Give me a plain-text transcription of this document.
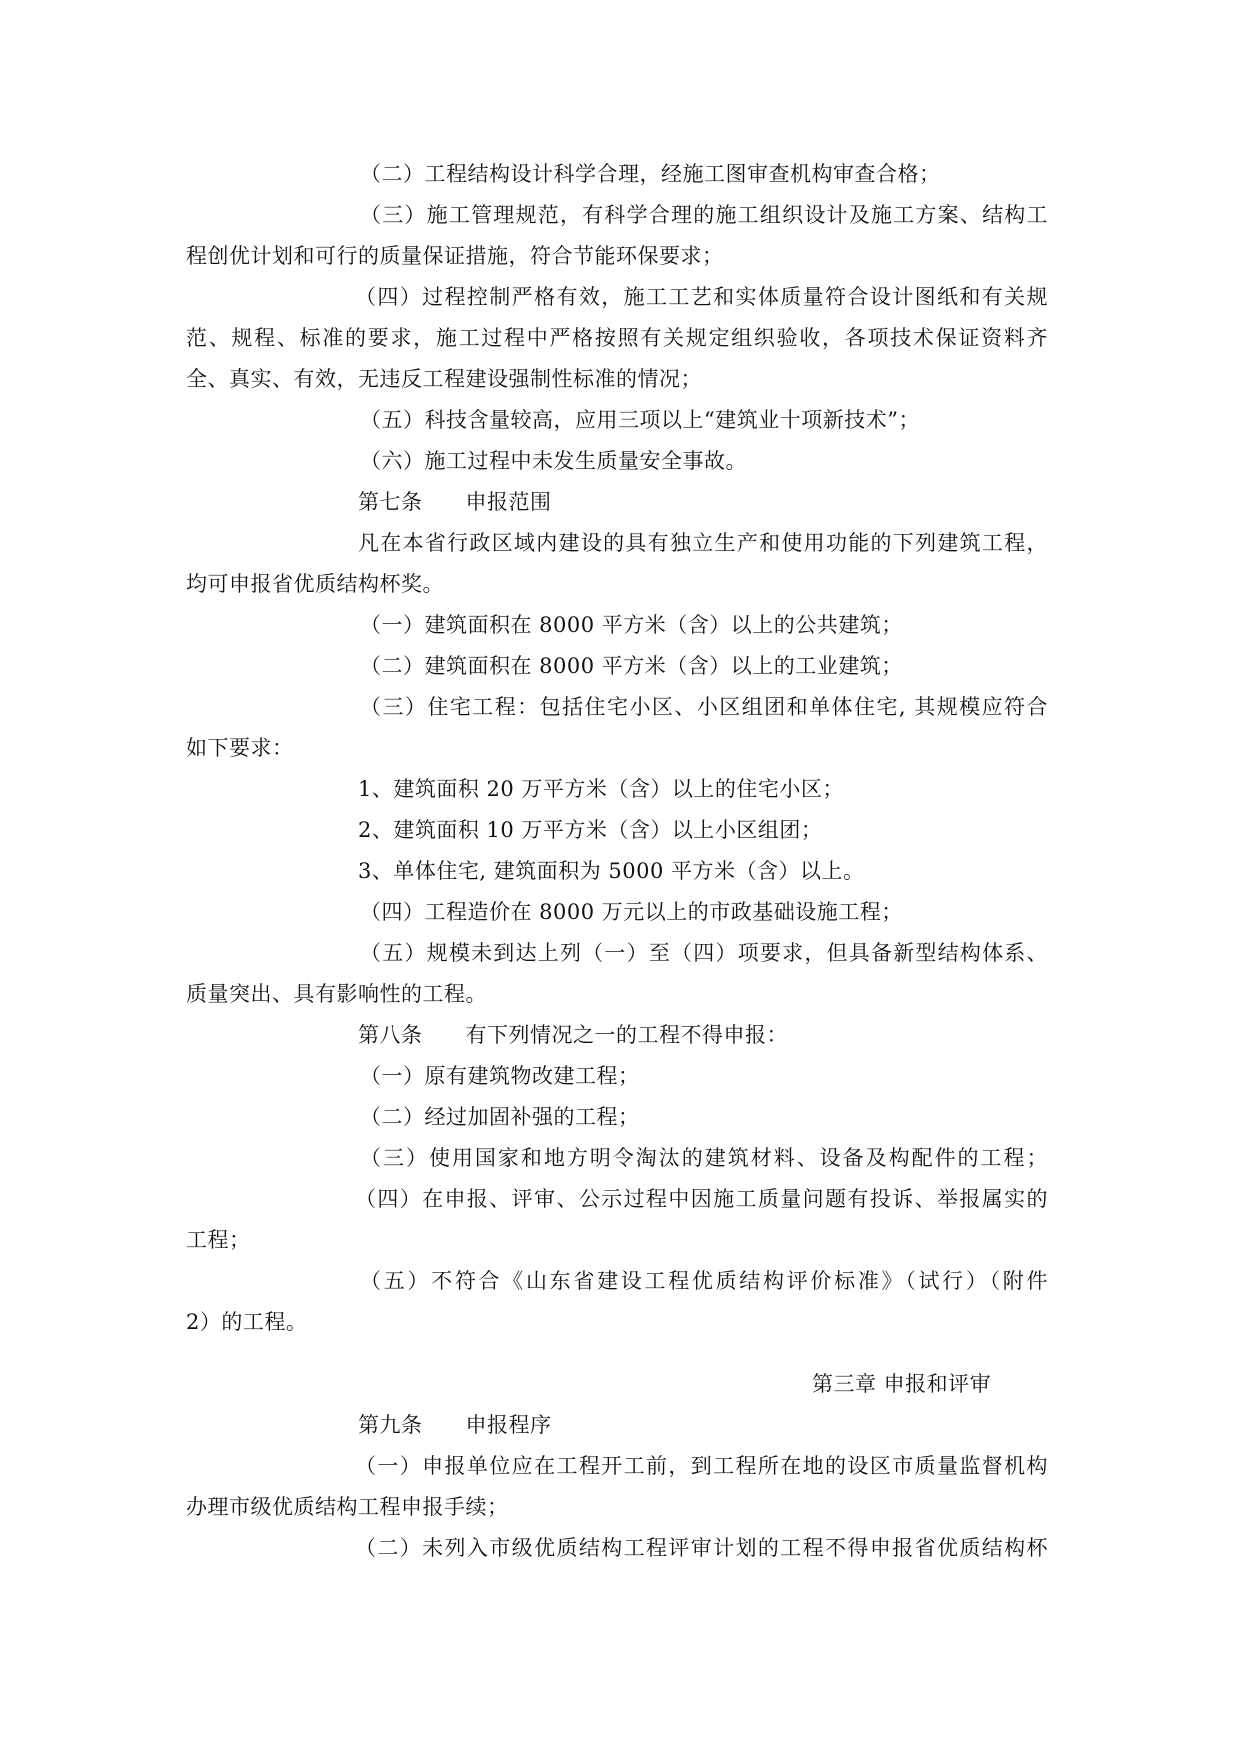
（二）工程结构设计科学合理，经施工图审查机构审查合格；
（三）施工管理规范，有科学合理的施工组织设计及施工方案、结构工
程创优计划和可行的质量保证措施，符合节能环保要求；
（四）过程控制严格有效，施工工艺和实体质量符合设计图纸和有关规
范、规程、标准的要求，施工过程中严格按照有关规定组织验收，各项技术保证资料齐
全、真实、有效，无违反工程建设强制性标准的情况；
（五）科技含量较高，应用三项以上“建筑业十项新技术”；
（六）施工过程中未发生质量安全事故。
第七条　　申报范围
凡在本省行政区域内建设的具有独立生产和使用功能的下列建筑工程，
均可申报省优质结构杯奖。
（一）建筑面积在 8000 平方米（含）以上的公共建筑；
（二）建筑面积在 8000 平方米（含）以上的工业建筑；
（三）住宅工程：包括住宅小区、小区组团和单体住宅, 其规模应符合
如下要求：
1、建筑面积 20 万平方米（含）以上的住宅小区；
2、建筑面积 10 万平方米（含）以上小区组团；
3、单体住宅, 建筑面积为 5000 平方米（含）以上。
（四）工程造价在 8000 万元以上的市政基础设施工程；
（五）规模未到达上列（一）至（四）项要求，但具备新型结构体系、
质量突出、具有影响性的工程。
第八条　　有下列情况之一的工程不得申报：
（一）原有建筑物改建工程；
（二）经过加固补强的工程；
（三）使用国家和地方明令淘汰的建筑材料、设备及构配件的工程；
（四）在申报、评审、公示过程中因施工质量问题有投诉、举报属实的
工程；
（五）不符合《山东省建设工程优质结构评价标准》（试行）（附件
2）的工程。
第三章 申报和评审
第九条　　申报程序
（一）申报单位应在工程开工前，到工程所在地的设区市质量监督机构
办理市级优质结构工程申报手续；
（二）未列入市级优质结构工程评审计划的工程不得申报省优质结构杯
